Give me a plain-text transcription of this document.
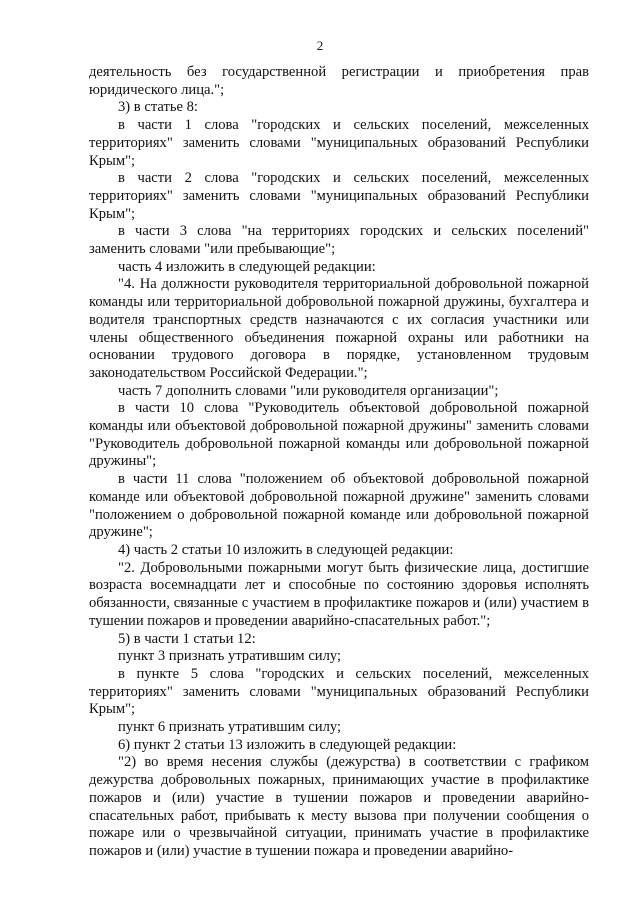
2

деятельность без государственной регистрации и приобретения прав юридического лица.";

3) в статье 8:

в части 1 слова "городских и сельских поселений, межселенных территориях" заменить словами "муниципальных образований Республики Крым";

в части 2 слова "городских и сельских поселений, межселенных территориях" заменить словами "муниципальных образований Республики Крым";

в части 3 слова "на территориях городских и сельских поселений" заменить словами "или пребывающие";

часть 4 изложить в следующей редакции:

"4. На должности руководителя территориальной добровольной пожарной команды или территориальной добровольной пожарной дружины, бухгалтера и водителя транспортных средств назначаются с их согласия участники или члены общественного объединения пожарной охраны или работники на основании трудового договора в порядке, установленном трудовым законодательством Российской Федерации.";

часть 7 дополнить словами "или руководителя организации";

в части 10 слова "Руководитель объектовой добровольной пожарной команды или объектовой добровольной пожарной дружины" заменить словами "Руководитель добровольной пожарной команды или добровольной пожарной дружины";

в части 11 слова "положением об объектовой добровольной пожарной команде или объектовой добровольной пожарной дружине" заменить словами "положением о добровольной пожарной команде или добровольной пожарной дружине";

4) часть 2 статьи 10 изложить в следующей редакции:

"2. Добровольными пожарными могут быть физические лица, достигшие возраста восемнадцати лет и способные по состоянию здоровья исполнять обязанности, связанные с участием в профилактике пожаров и (или) участием в тушении пожаров и проведении аварийно-спасательных работ.";

5) в части 1 статьи 12:

пункт 3 признать утратившим силу;

в пункте 5 слова "городских и сельских поселений, межселенных территориях" заменить словами "муниципальных образований Республики Крым";

пункт 6 признать утратившим силу;

6) пункт 2 статьи 13 изложить в следующей редакции:

"2) во время несения службы (дежурства) в соответствии с графиком дежурства добровольных пожарных, принимающих участие в профилактике пожаров и (или) участие в тушении пожаров и проведении аварийно-спасательных работ, прибывать к месту вызова при получении сообщения о пожаре или о чрезвычайной ситуации, принимать участие в профилактике пожаров и (или) участие в тушении пожара и проведении аварийно-
